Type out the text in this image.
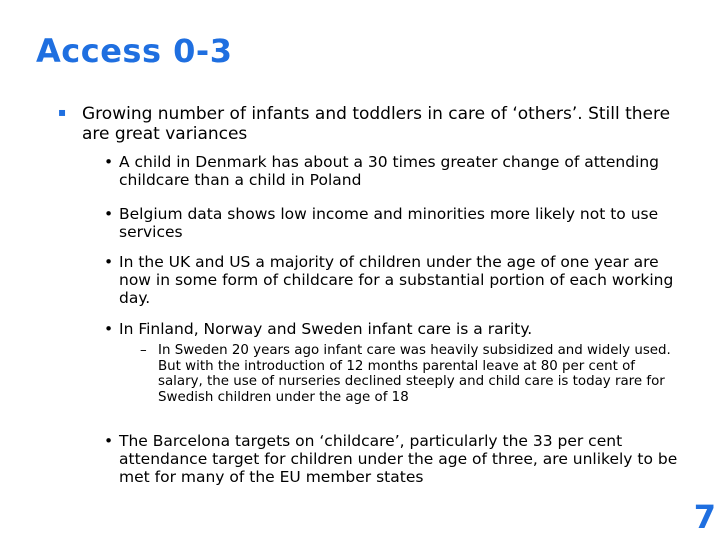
Access 0-3
▪ Growing number of infants and toddlers in care of ‘others’. Still there are great variances
• A child in Denmark has about a 30 times greater change of attending childcare than a child in Poland
• Belgium data shows low income and minorities more likely not to use services
• In the UK and US a majority of children under the age of one year are now in some form of childcare for a substantial portion of each working day.
• In Finland, Norway and Sweden infant care is a rarity.
– In Sweden 20 years ago infant care was heavily subsidized and widely used. But with the introduction of 12 months parental leave at 80 per cent of salary, the use of nurseries declined steeply and child care is today rare for Swedish children under the age of 18
• The Barcelona targets on ‘childcare’, particularly the 33 per cent attendance target for children under the age of three, are unlikely to be met for many of the EU member states
7
